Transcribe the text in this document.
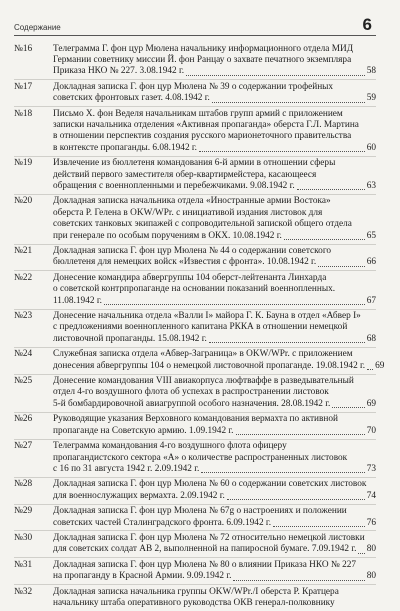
Содержание	6
№16	Телеграмма Г. фон цур Мюлена начальнику информационного отдела МИД
Германии советнику миссии Й. фон Ранцау о захвате печатного экземпляра
Приказа НКО № 227. 3.08.1942 г.	58
№17	Докладная записка Г. фон цур Мюлена № 39 о содержании трофейных
советских фронтовых газет. 4.08.1942 г.	59
№18	Письмо Х. фон Веделя начальникам штабов групп армий с приложением
записки начальника отделения «Активная пропаганда» оберста Г.Л. Мартина
в отношении перспектив создания русского марионеточного правительства
в контексте пропаганды. 6.08.1942 г.	60
№19	Извлечение из бюллетеня командования 6-й армии в отношении сферы
действий первого заместителя обер-квартирмейстера, касающееся
обращения с военнопленными и перебежчиками. 9.08.1942 г.	63
№20	Докладная записка начальника отдела «Иностранные армии Востока»
оберста Р. Геленa в OKW/WPr. с инициативой издания листовок для
советских танковых экипажей с сопроводительной запиской общего отдела
при генерале по особым поручениям в ОКХ. 10.08.1942 г.	65
№21	Докладная записка Г. фон цур Мюлена № 44 о содержании советского
бюллетеня для немецких войск «Известия с фронта». 10.08.1942 г.	66
№22	Донесение командира абвергруппы 104 оберст-лейтенанта Линхарда
о советской контрпропаганде на основании показаний военнопленных.
11.08.1942 г.	67
№23	Донесение начальника отдела «Валли I» майора Г. К. Бауна в отдел «Абвер I»
с предложениями военнопленного капитана РККА в отношении немецкой
листовочной пропаганды. 15.08.1942 г.	68
№24	Служебная записка отдела «Абвер-Заграница» в OKW/WPr. с приложением
донесения абвергруппы 104 о немецкой листовочной пропаганде. 19.08.1942 г. 69
№25	Донесение командования VIII авиакорпуса люфтваффе в разведывательный
отдел 4-го воздушного флота об успехах в распространении листовок
5-й бомбардировочной авиагруппой особого назначения. 28.08.1942 г.	69
№26	Руководящие указания Верховного командования вермахта по активной
пропаганде на Советскую армию. 1.09.1942 г.	70
№27	Телеграмма командования 4-го воздушного флота офицеру
пропагандистского сектора «А» о количестве распространенных листовок
с 16 по 31 августа 1942 г. 2.09.1942 г.	73
№28	Докладная записка Г. фон цур Мюлена № 60 о содержании советских листовок
для военнослужащих вермахта. 2.09.1942 г.	74
№29	Докладная записка Г. фон цур Мюлена № 67g о настроениях и положении
советских частей Сталинградского фронта. 6.09.1942 г.	76
№30	Докладная записка Г. фон цур Мюлена № 72 относительно немецкой листовки
для советских солдат АВ 2, выполненной на папиросной бумаге. 7.09.1942 г. 80
№31	Докладная записка Г. фон цур Мюлена № 80 о влиянии Приказа НКО № 227
на пропаганду в Красной Армии. 9.09.1942 г.	80
№32	Докладная записка начальника группы OKW/WPr./I оберста Р. Кратцера
начальнику штаба оперативного руководства ОКВ генерал-полковнику
